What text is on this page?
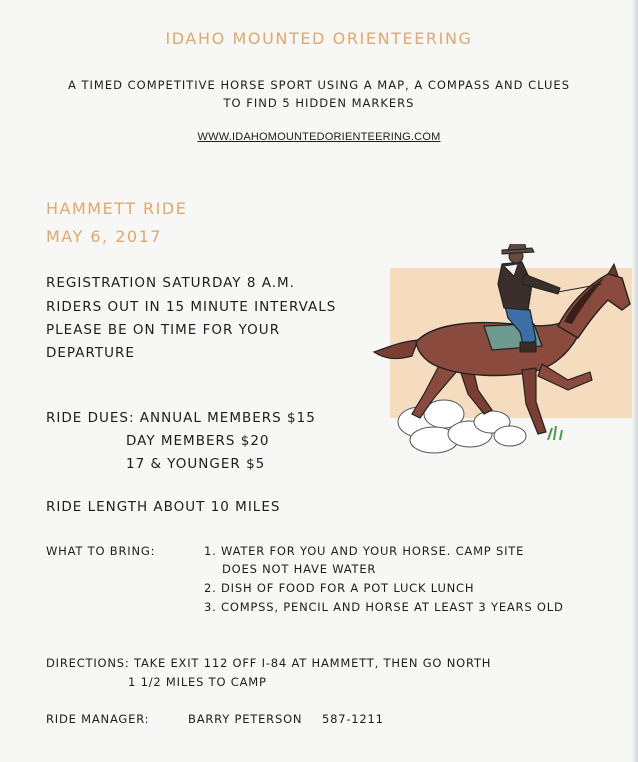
IDAHO MOUNTED ORIENTEERING
A TIMED COMPETITIVE HORSE SPORT USING A MAP, A COMPASS AND CLUES
TO FIND 5 HIDDEN MARKERS
WWW.IDAHOMOUNTEDORIENTEERING.COM
HAMMETT RIDE
MAY 6, 2017
REGISTRATION SATURDAY 8 A.M.
RIDERS OUT IN 15 MINUTE INTERVALS
PLEASE BE ON TIME FOR YOUR
DEPARTURE
RIDE DUES: ANNUAL MEMBERS $15
DAY MEMBERS $20
17 & YOUNGER $5
RIDE LENGTH ABOUT 10 MILES
WHAT TO BRING:	1. WATER FOR YOU AND YOUR HORSE. CAMP SITE
DOES NOT HAVE WATER
2. DISH OF FOOD FOR A POT LUCK LUNCH
3. COMPSS, PENCIL AND HORSE AT LEAST 3 YEARS OLD
DIRECTIONS: TAKE EXIT 112 OFF I-84 AT HAMMETT, THEN GO NORTH
1 1/2 MILES TO CAMP
RIDE MANAGER:	BARRY PETERSON 587-1211
